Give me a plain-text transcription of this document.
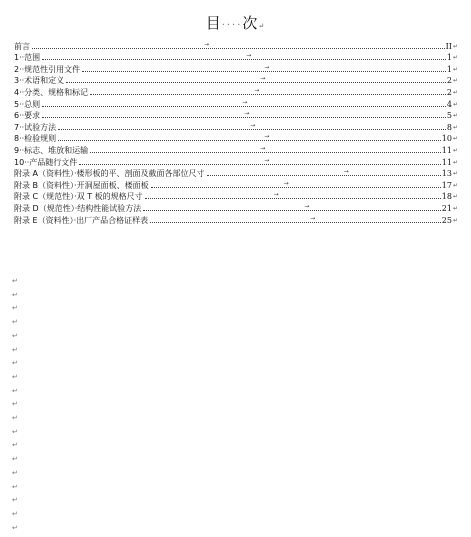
目····次↵
前言	→	II ↵
1··范围	→	1 ↵
2··规范性引用文件	→	1 ↵
3··术语和定义	→	2 ↵
4··分类、规格和标记	→	2 ↵
5··总则	→	4 ↵
6··要求	→	5 ↵
7··试验方法	→	8 ↵
8··检验规则	→	10 ↵
9··标志、堆放和运输	→	11 ↵
10··产品随行文件	→	11 ↵
附录 A（资料性）·楼形板的平、剖面及截面各部位尺寸	→	13 ↵
附录 B（资料性）·开洞屋面板、楼面板	→	17 ↵
附录 C（规范性）·双 T 板的规格尺寸	→	18 ↵
附录 D（规范性）·结构性能试验方法	→	21 ↵
附录 E（资料性）·出厂产品合格证样表	→	25 ↵
↵
↵
↵
↵
↵
↵
↵
↵
↵
↵
↵
↵
↵
↵
↵
↵
↵
↵
↵
